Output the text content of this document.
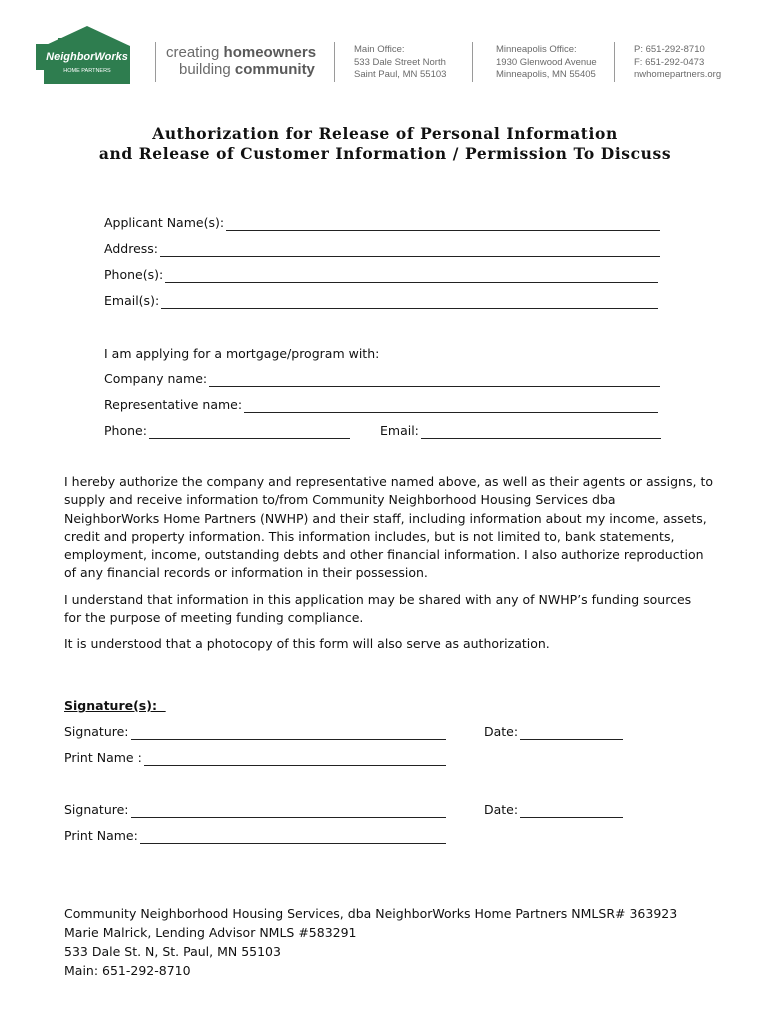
NeighborWorks
HOME PARTNERS
creating homeowners
building community
Main Office:
533 Dale Street North
Saint Paul, MN 55103
Minneapolis Office:
1930 Glenwood Avenue
Minneapolis, MN 55405
P: 651-292-8710
F: 651-292-0473
nwhomepartners.org
Authorization for Release of Personal Information
and Release of Customer Information / Permission To Discuss
Applicant Name(s):
Address:
Phone(s):
Email(s):
I am applying for a mortgage/program with:
Company name:
Representative name:
Phone:	Email:
I hereby authorize the company and representative named above, as well as their agents or assigns, to
supply and receive information to/from Community Neighborhood Housing Services dba
NeighborWorks Home Partners (NWHP) and their staff, including information about my income, assets,
credit and property information. This information includes, but is not limited to, bank statements,
employment, income, outstanding debts and other financial information. I also authorize reproduction
of any financial records or information in their possession.
I understand that information in this application may be shared with any of NWHP’s funding sources
for the purpose of meeting funding compliance.
It is understood that a photocopy of this form will also serve as authorization.
Signature(s):
Signature:	Date:
Print Name :
Signature:	Date:
Print Name:
Community Neighborhood Housing Services, dba NeighborWorks Home Partners NMLSR# 363923
Marie Malrick, Lending Advisor NMLS #583291
533 Dale St. N, St. Paul, MN 55103
Main: 651-292-8710
